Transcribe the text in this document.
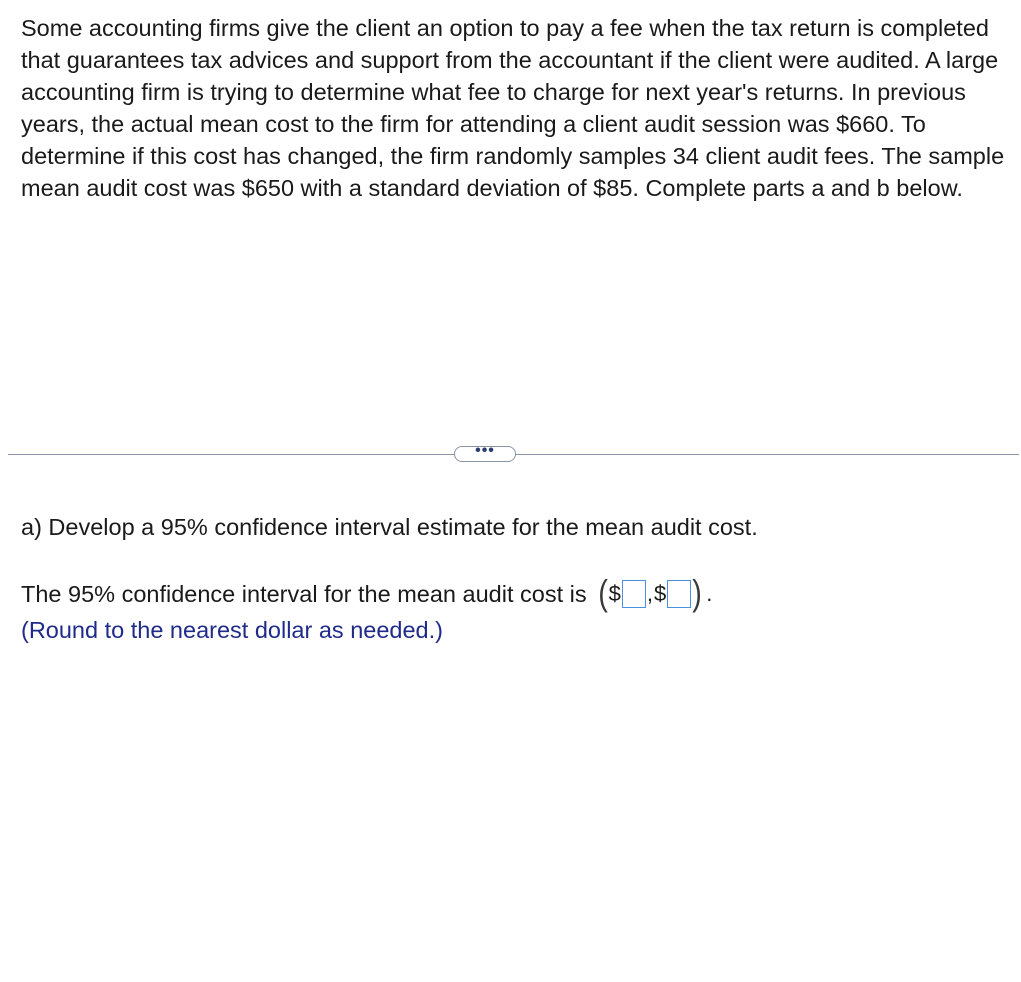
Some accounting firms give the client an option to pay a fee when the tax return is completed that guarantees tax advices and support from the accountant if the client were audited. A large accounting firm is trying to determine what fee to charge for next year's returns. In previous years, the actual mean cost to the firm for attending a client audit session was $660. To determine if this cost has changed, the firm randomly samples 34 client audit fees. The sample mean audit cost was $650 with a standard deviation of $85. Complete parts a and b below.

•••

a) Develop a 95% confidence interval estimate for the mean audit cost.

The 95% confidence interval for the mean audit cost is ( $ , $ ) .

(Round to the nearest dollar as needed.)
